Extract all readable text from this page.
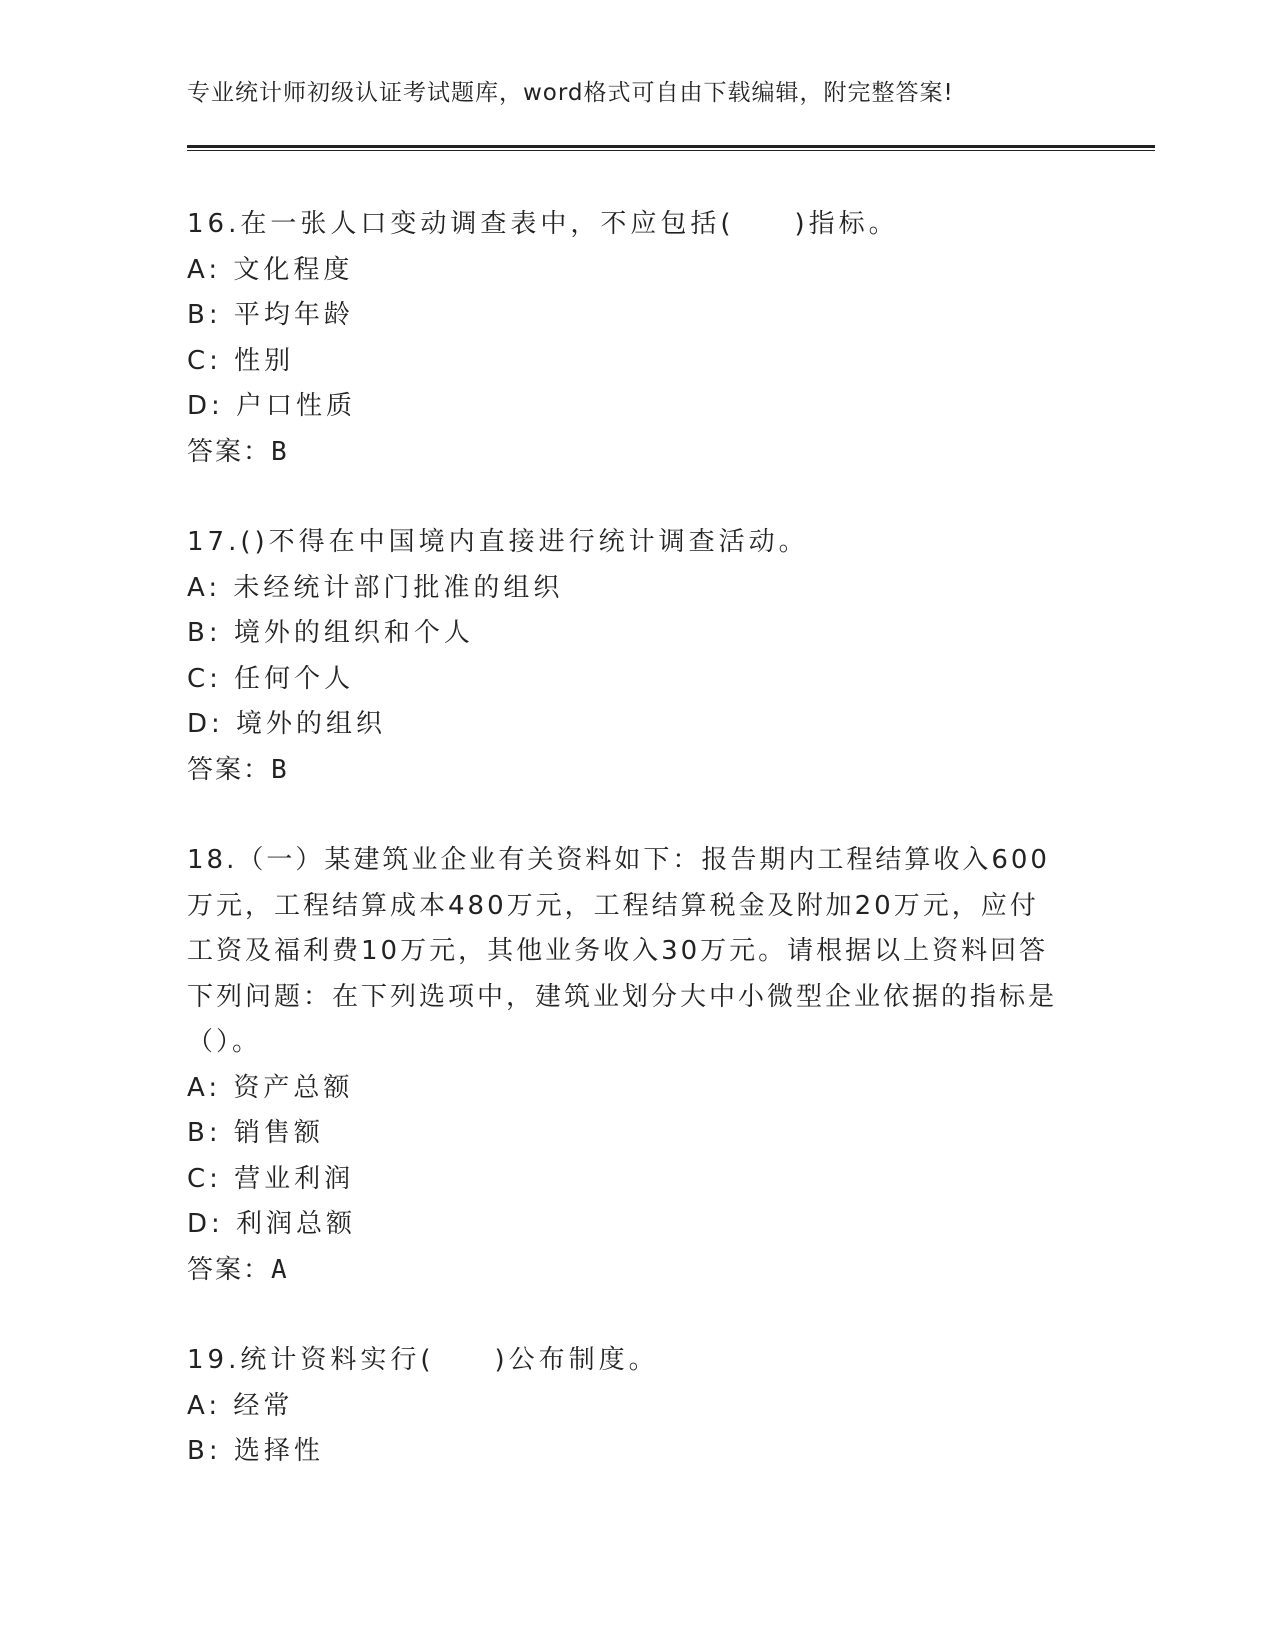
专业统计师初级认证考试题库，word格式可自由下载编辑，附完整答案!

16.在一张人口变动调查表中，不应包括(　　)指标。

A: 文化程度

B: 平均年龄

C: 性别

D: 户口性质

答案：B

17.()不得在中国境内直接进行统计调查活动。

A: 未经统计部门批准的组织

B: 境外的组织和个人

C: 任何个人

D: 境外的组织

答案：B

18.（一）某建筑业企业有关资料如下：报告期内工程结算收入600万元，工程结算成本480万元，工程结算税金及附加20万元，应付工资及福利费10万元，其他业务收入30万元。请根据以上资料回答下列问题：在下列选项中，建筑业划分大中小微型企业依据的指标是（）。

A: 资产总额

B: 销售额

C: 营业利润

D: 利润总额

答案：A

19.统计资料实行(　　)公布制度。

A: 经常

B: 选择性
